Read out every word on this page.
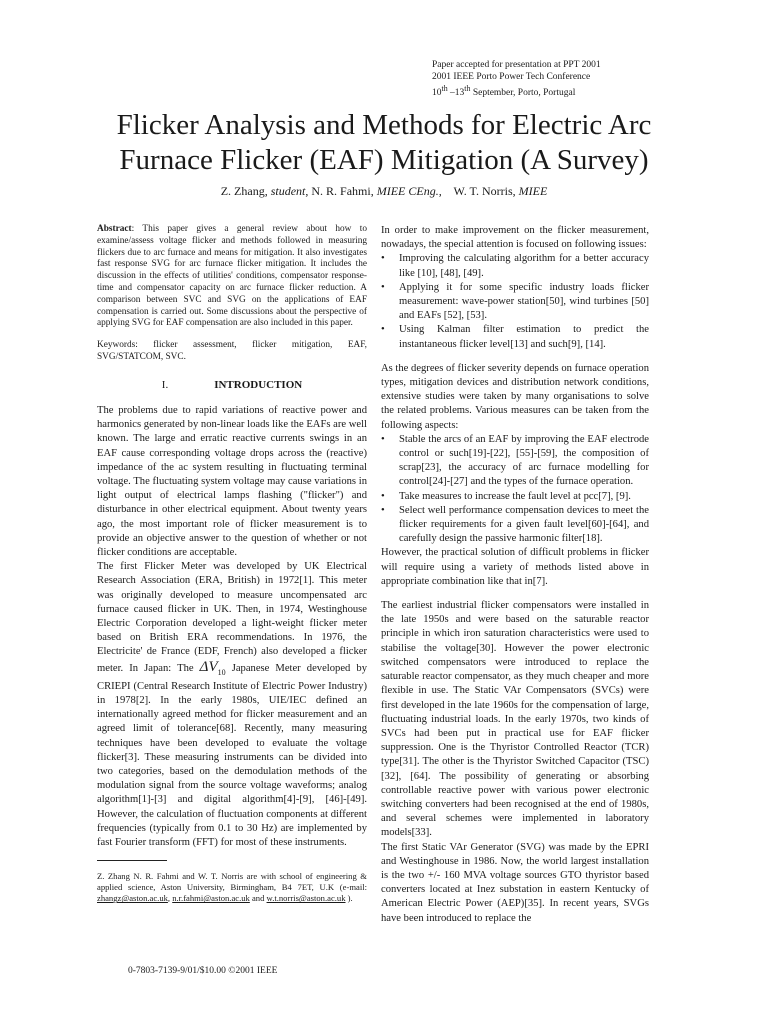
Paper accepted for presentation at PPT 2001
2001 IEEE Porto Power Tech Conference
10th –13th September, Porto, Portugal
Flicker Analysis and Methods for Electric Arc
Furnace Flicker (EAF) Mitigation (A Survey)
Z. Zhang, student, N. R. Fahmi, MIEE CEng.,    W. T. Norris, MIEE

Abstract: This paper gives a general review about how to examine/assess voltage flicker and methods followed in measuring flickers due to arc furnace and means for mitigation. It also investigates fast response SVG for arc furnace flicker mitigation. It includes the discussion in the effects of utilities' conditions, compensator response-time and compensator capacity on arc furnace flicker reduction. A comparison between SVC and SVG on the applications of EAF compensation is carried out. Some discussions about the perspective of applying SVG for EAF compensation are also included in this paper.

Keywords: flicker assessment, flicker mitigation, EAF, SVG/STATCOM, SVC.

I.	INTRODUCTION

The problems due to rapid variations of reactive power and harmonics generated by non-linear loads like the EAFs are well known. The large and erratic reactive currents swings in an EAF cause corresponding voltage drops across the (reactive) impedance of the ac system resulting in fluctuating terminal voltage. The fluctuating system voltage may cause variations in light output of electrical lamps flashing ("flicker") and disturbance in other electrical equipment. About twenty years ago, the most important role of flicker measurement is to provide an objective answer to the question of whether or not flicker conditions are acceptable.

The first Flicker Meter was developed by UK Electrical Research Association (ERA, British) in 1972[1]. This meter was originally developed to measure uncompensated arc furnace caused flicker in UK. Then, in 1974, Westinghouse Electric Corporation developed a light-weight flicker meter based on British ERA recommendations. In 1976, the Electricite' de France (EDF, French) also developed a flicker meter. In Japan: The $\Delta V_{10}$ Japanese Meter developed by CRIEPI (Central Research Institute of Electric Power Industry) in 1978[2]. In the early 1980s, UIE/IEC defined an internationally agreed method for flicker measurement and an agreed limit of tolerance[68]. Recently, many measuring techniques have been developed to evaluate the voltage flicker[3]. These measuring instruments can be divided into two categories, based on the demodulation methods of the modulation signal from the source voltage waveforms; analog algorithm[1]-[3] and digital algorithm[4]-[9], [46]-[49]. However, the calculation of fluctuation components at different frequencies (typically from 0.1 to 30 Hz) are implemented by fast Fourier transform (FFT) for most of these instruments.

Z. Zhang N. R. Fahmi and W. T. Norris are with school of engineering & applied science, Aston University, Birmingham, B4 7ET, U.K (e-mail: zhangz@aston.ac.uk, n.r.fahmi@aston.ac.uk and w.t.norris@aston.ac.uk ).

In order to make improvement on the flicker measurement, nowadays, the special attention is focused on following issues:

• Improving the calculating algorithm for a better accuracy like [10], [48], [49].
• Applying it for some specific industry loads flicker measurement: wave-power station[50], wind turbines [50] and EAFs [52], [53].
• Using Kalman filter estimation to predict the instantaneous flicker level[13] and such[9], [14].

As the degrees of flicker severity depends on furnace operation types, mitigation devices and distribution network conditions, extensive studies were taken by many organisations to solve the related problems. Various measures can be taken from the following aspects:

• Stable the arcs of an EAF by improving the EAF electrode control or such[19]-[22], [55]-[59], the composition of scrap[23], the accuracy of arc furnace modelling for control[24]-[27] and the types of the furnace operation.
• Take measures to increase the fault level at pcc[7], [9].
• Select well performance compensation devices to meet the flicker requirements for a given fault level[60]-[64], and carefully design the passive harmonic filter[18].

However, the practical solution of difficult problems in flicker will require using a variety of methods listed above in appropriate combination like that in[7].

The earliest industrial flicker compensators were installed in the late 1950s and were based on the saturable reactor principle in which iron saturation characteristics were used to stabilise the voltage[30]. However the power electronic switched compensators were introduced to replace the saturable reactor compensator, as they much cheaper and more flexible in use. The Static VAr Compensators (SVCs) were first developed in the late 1960s for the compensation of large, fluctuating industrial loads. In the early 1970s, two kinds of SVCs had been put in practical use for EAF flicker suppression. One is the Thyristor Controlled Reactor (TCR) type[31]. The other is the Thyristor Switched Capacitor (TSC)[32], [64]. The possibility of generating or absorbing controllable reactive power with various power electronic switching converters had been recognised at the end of 1980s, and several schemes were implemented in laboratory models[33].

The first Static VAr Generator (SVG) was made by the EPRI and Westinghouse in 1986. Now, the world largest installation is the two +/- 160 MVA voltage sources GTO thyristor based converters located at Inez substation in eastern Kentucky of American Electric Power (AEP)[35]. In recent years, SVGs have been introduced to replace the

0-7803-7139-9/01/$10.00 ©2001 IEEE
